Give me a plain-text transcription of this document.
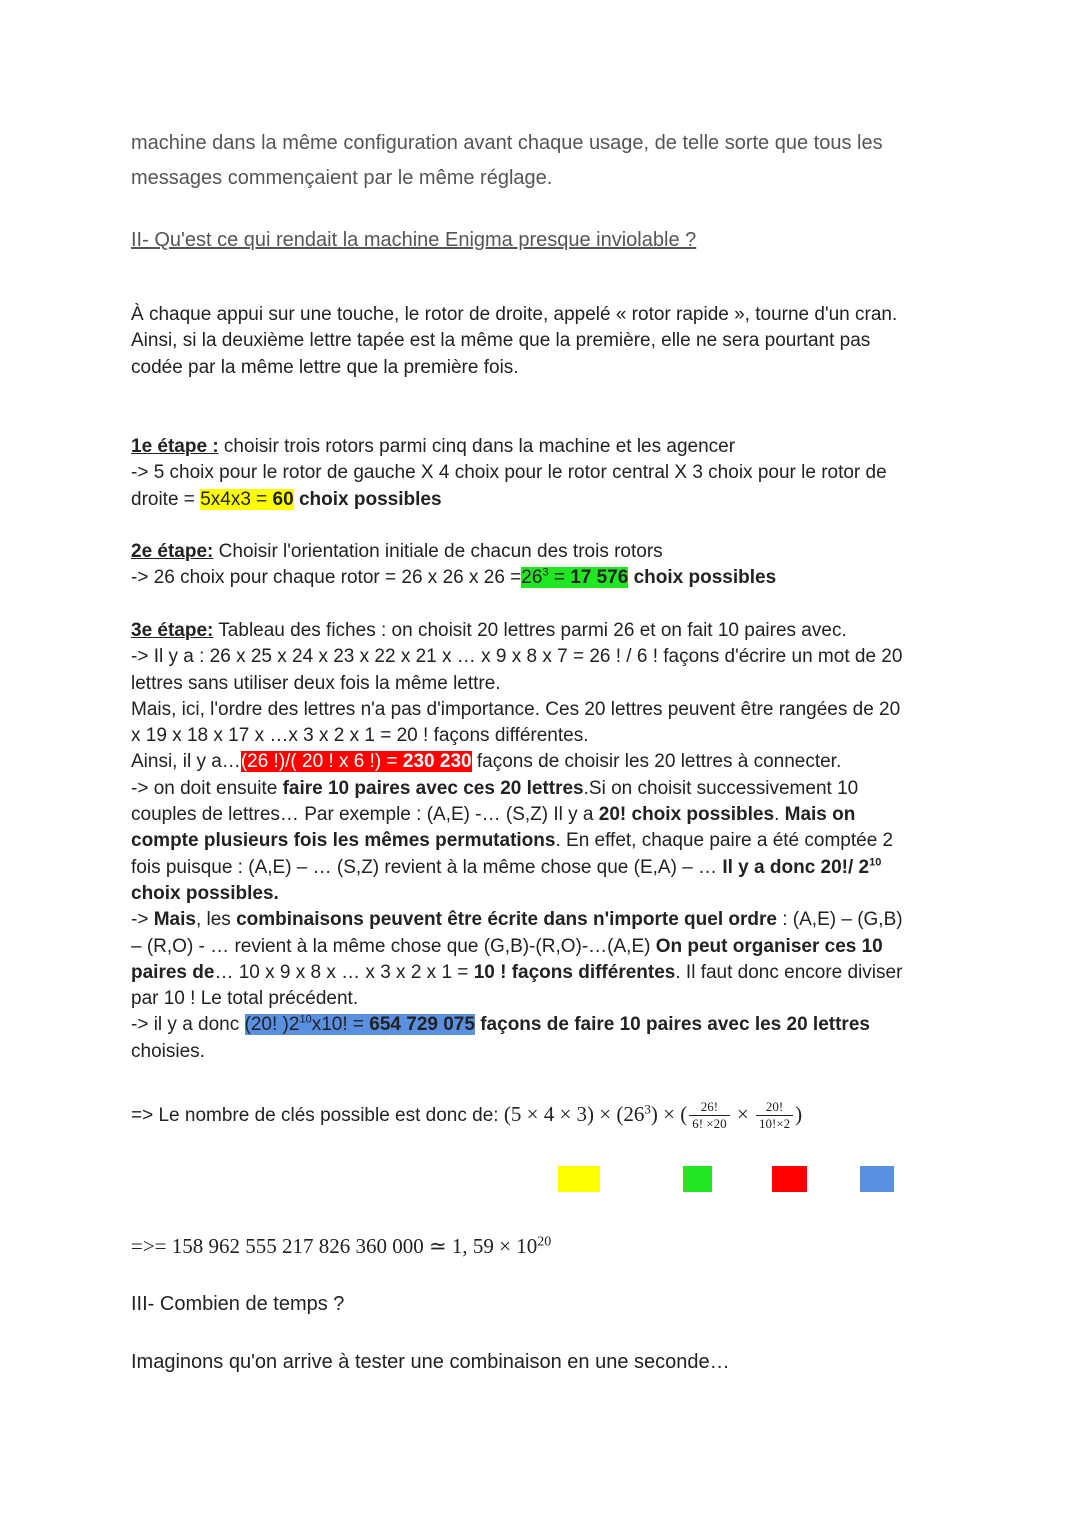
machine dans la même configuration avant chaque usage, de telle sorte que tous les
messages commençaient par le même réglage.

II- Qu'est ce qui rendait la machine Enigma presque inviolable ?

À chaque appui sur une touche, le rotor de droite, appelé « rotor rapide », tourne d'un cran.
Ainsi, si la deuxième lettre tapée est la même que la première, elle ne sera pourtant pas
codée par la même lettre que la première fois.

1e étape : choisir trois rotors parmi cinq dans la machine et les agencer
-> 5 choix pour le rotor de gauche X 4 choix pour le rotor central X 3 choix pour le rotor de
droite = 5x4x3 = 60 choix possibles

2e étape: Choisir l'orientation initiale de chacun des trois rotors
-> 26 choix pour chaque rotor = 26 x 26 x $26 =26^3 = 17$ 576 choix possibles

3e étape: Tableau des fiches : on choisit 20 lettres parmi 26 et on fait 10 paires avec.
-> Il y a : 26 x 25 x 24 x 23 x 22 x 21 x … x 9 x 8 x 7 = 26 ! / 6 ! façons d'écrire un mot de 20
lettres sans utiliser deux fois la même lettre.
Mais, ici, l'ordre des lettres n'a pas d'importance. Ces 20 lettres peuvent être rangées de 20
x 19 x 18 x 17 x …x 3 x 2 x 1 = 20 ! façons différentes.
Ainsi, il y a…(26 !)/( 20 ! x 6 !) = 230 230 façons de choisir les 20 lettres à connecter.
-> on doit ensuite faire 10 paires avec ces 20 lettres.Si on choisit successivement 10
couples de lettres… Par exemple : (A,E) -… (S,Z) Il y a 20! choix possibles. Mais on
compte plusieurs fois les mêmes permutations. En effet, chaque paire a été comptée 2
fois puisque : (A,E) – … (S,Z) revient à la même chose que (E,A) – … Il y a donc 20!/ $2^{10}$
choix possibles.
-> Mais, les combinaisons peuvent être écrite dans n'importe quel ordre : (A,E) – (G,B)
– (R,O) - … revient à la même chose que (G,B)-(R,O)-…(A,E) On peut organiser ces 10
paires de… 10 x 9 x 8 x … x 3 x 2 x 1 = 10 ! façons différentes. Il faut donc encore diviser
par 10 ! Le total précédent.
-> il y a donc (20! )$2^{10}x10$! = 654 729 075 façons de faire 10 paires avec les 20 lettres
choisies.

=> Le nombre de clés possible est donc de: $(5 \times 4 \times 3) \times (26^3)$ × ( $\frac{26!}{6! \times 20} \times \frac{20!}{10!\times 2}$ )

=>= 158 962 555 217 826 360 000 ≃ 1, $59 \times 10^{20}$

III- Combien de temps ?

Imaginons qu'on arrive à tester une combinaison en une seconde…
